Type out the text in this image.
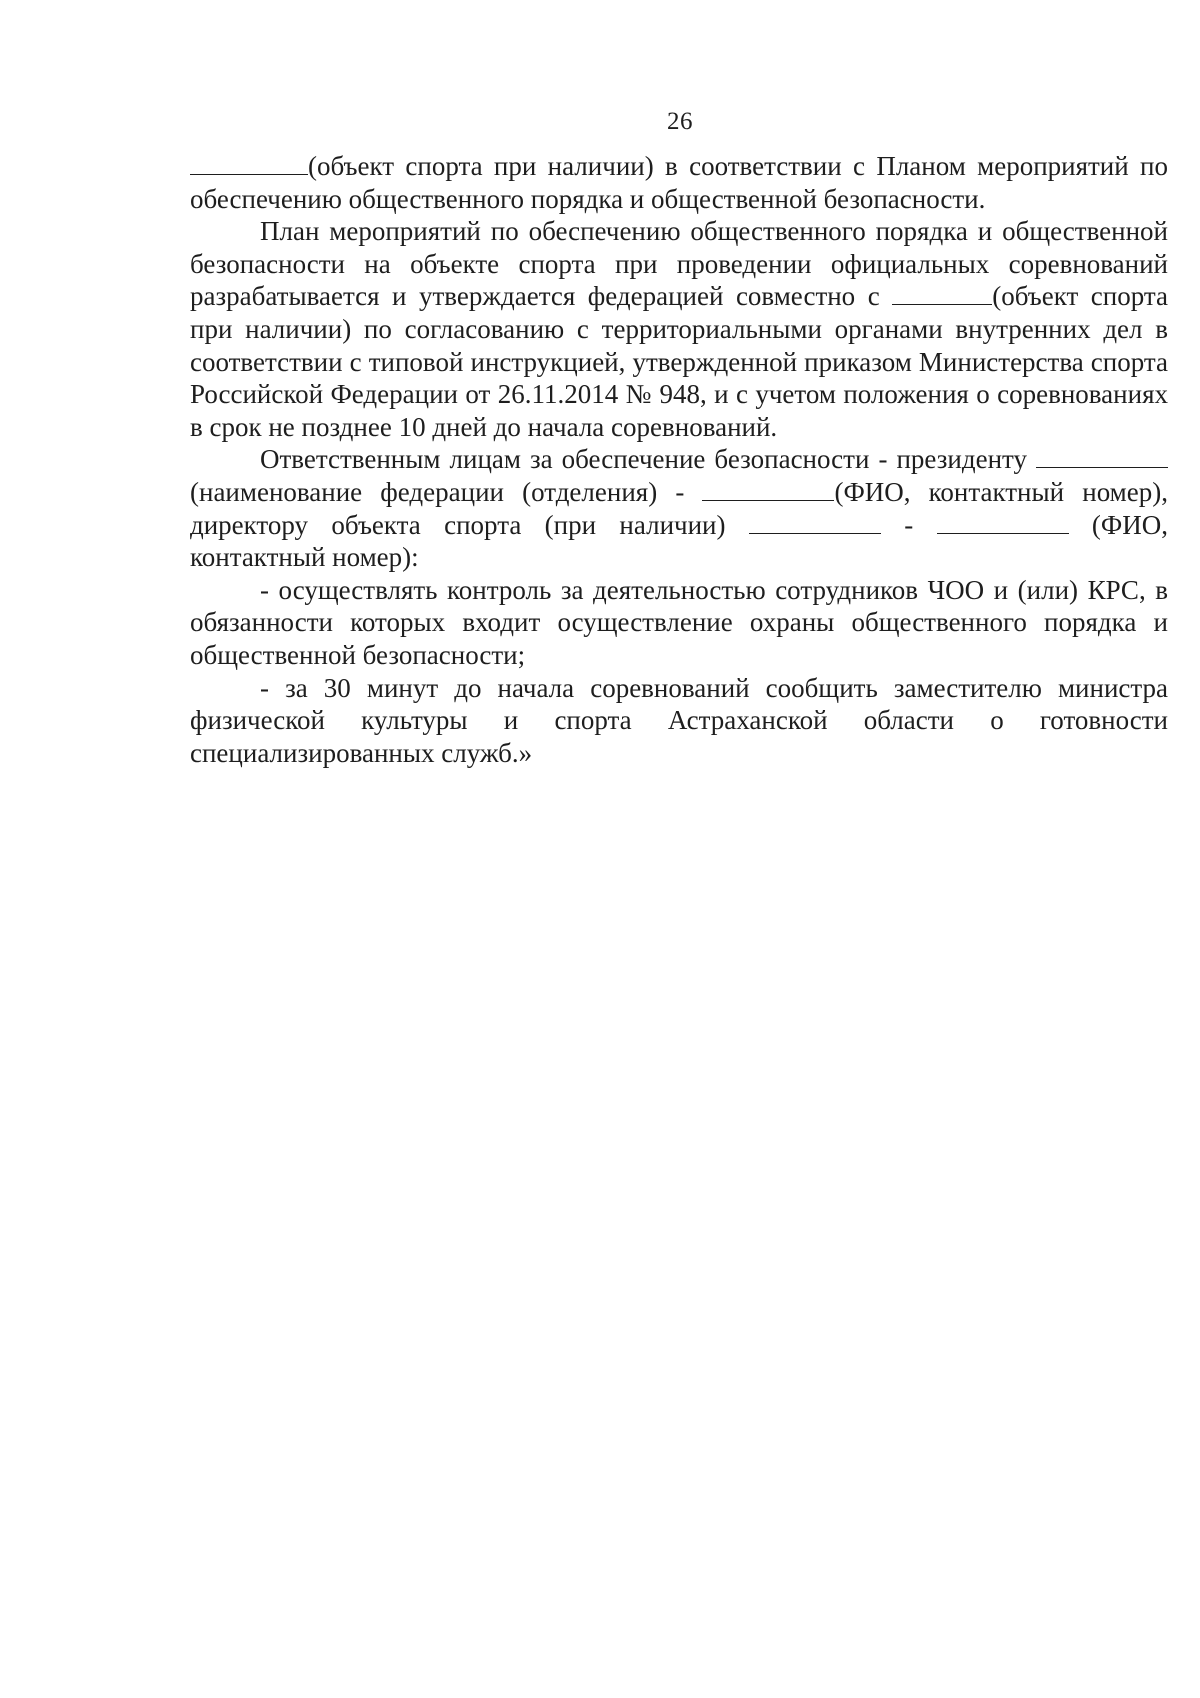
26

(объект спорта при наличии) в соответствии с Планом мероприятий по обеспечению общественного порядка и общественной безопасности.

План мероприятий по обеспечению общественного порядка и общественной безопасности на объекте спорта при проведении официальных соревнований разрабатывается и утверждается федерацией совместно с	(объект спорта при наличии) по согласованию с территориальными органами внутренних дел в соответствии с типовой инструкцией, утвержденной приказом Министерства спорта Российской Федерации от 26.11.2014 № 948, и с учетом положения о соревнованиях в срок не позднее 10 дней до начала соревнований.

Ответственным лицам за обеспечение безопасности - президенту  (наименование федерации (отделения) -	(ФИО, контактный номер), директору объекта спорта (при наличии)	-	(ФИО, контактный номер):

- осуществлять контроль за деятельностью сотрудников ЧОО и (или) КРС, в обязанности которых входит осуществление охраны общественного порядка и общественной безопасности;

- за 30 минут до начала соревнований сообщить заместителю министра физической культуры и спорта Астраханской области о готовности специализированных служб.»
